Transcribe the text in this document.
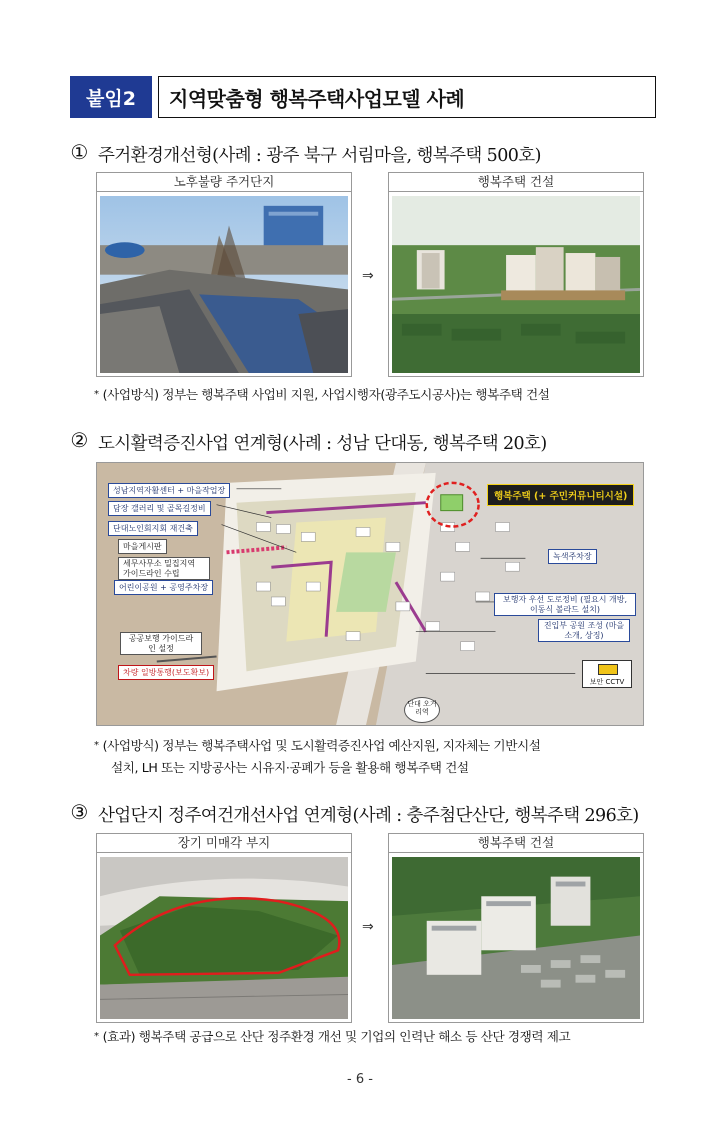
붙임2	지역맞춤형 행복주택사업모델 사례
① 주거환경개선형(사례 : 광주 북구 서림마을, 행복주택 500호)
노후불량 주거단지
⇒
행복주택 건설
* (사업방식) 정부는 행복주택 사업비 지원, 사업시행자(광주도시공사)는 행복주택 건설
② 도시활력증진사업 연계형(사례 : 성남 단대동, 행복주택 20호)
성남지역자활센터 + 마을작업장
담장 갤러리 및 골목길정비
단대노인회지회 재건축
마을게시판
세무사무소 밀집지역 가이드라인 수립
어린이공원 + 공영주차장
공공보행 가이드라인 설정
차량 일방통행(보도확보)
행복주택 (+ 주민커뮤니티시설)
녹색주차장
보행자 우선 도로정비 (필요시 개방, 이동식 볼라드 설치)
진입부 공원 조성 (마을 소개, 상징)
보안 CCTV
단대 오거리역
* (사업방식) 정부는 행복주택사업 및 도시활력증진사업 예산지원, 지자체는 기반시설
설치, LH 또는 지방공사는 시유지·공폐가 등을 활용해 행복주택 건설
③ 산업단지 정주여건개선사업 연계형(사례 : 충주첨단산단, 행복주택 296호)
장기 미매각 부지
⇒
행복주택 건설
* (효과) 행복주택 공급으로 산단 정주환경 개선 및 기업의 인력난 해소 등 산단 경쟁력 제고
- 6 -
